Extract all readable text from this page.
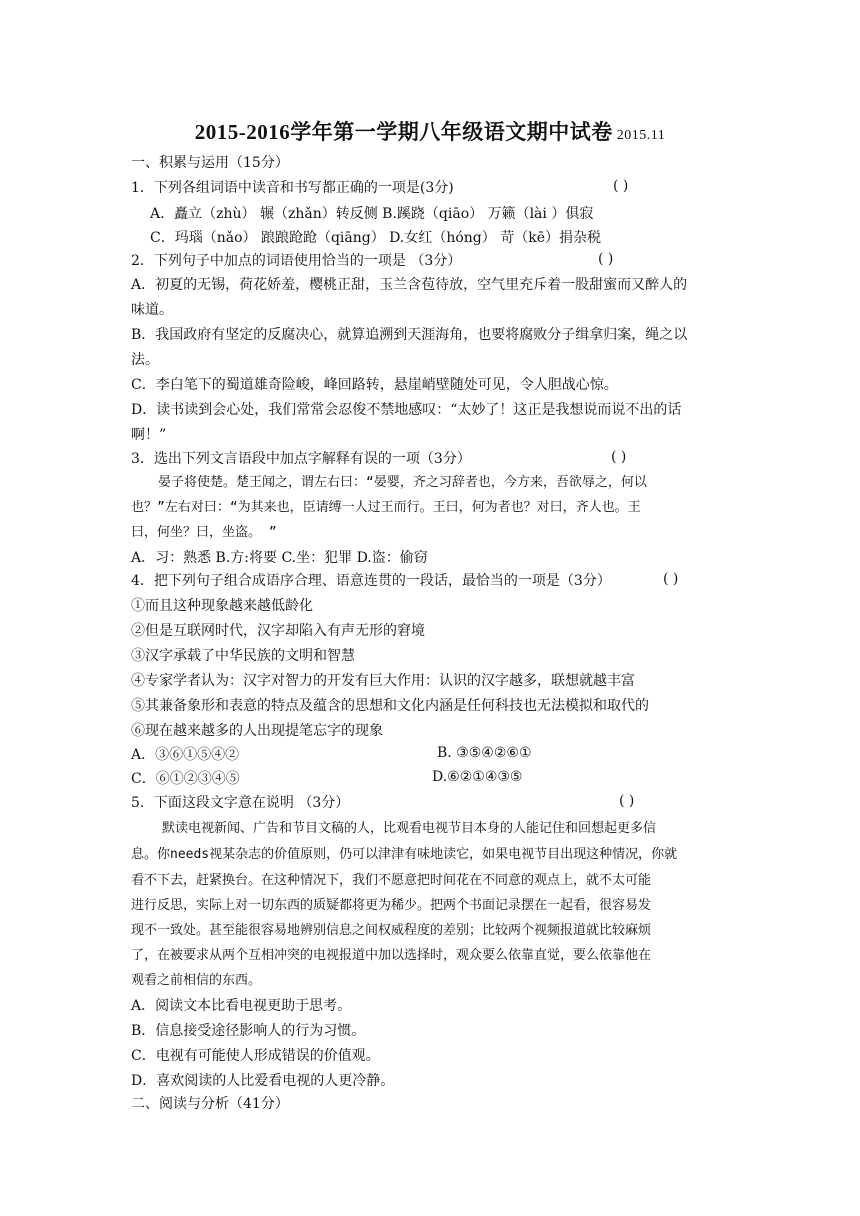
2015-2016学年第一学期八年级语文期中试卷 2015.11
一、积累与运用（15分）
1．下列各组词语中读音和书写都正确的一项是(3分)	( )
A．矗立（zhù） 辗（zhǎn）转反侧 B.蹊跷（qiāo） 万籁（lài ）俱寂
C．玛瑙（nǎo） 踉踉跄跄（qiāng） D.女红（hóng） 苛（kē）捐杂税
2．下列句子中加点的词语使用恰当的一项是 （3分）	( )
A．初夏的无锡，荷花娇羞，樱桃正甜，玉兰含苞待放，空气里充斥着一股甜蜜而又醉人的
味道。
B．我国政府有坚定的反腐决心，就算追溯到天涯海角，也要将腐败分子缉拿归案，绳之以
法。
C．李白笔下的蜀道雄奇险峻，峰回路转，悬崖峭壁随处可见，令人胆战心惊。
D．读书读到会心处，我们常常会忍俊不禁地感叹：“太妙了！这正是我想说而说不出的话
啊！”
3．选出下列文言语段中加点字解释有误的一项（3分）	( )
晏子将使楚。楚王闻之，谓左右曰：“晏婴，齐之习辞者也，今方来，吾欲辱之，何以
也？”左右对曰：“为其来也，臣请缚一人过王而行。王曰，何为者也？对曰，齐人也。王
曰，何坐？曰，坐盗。 ”
A．习：熟悉 B.方:将要 C.坐：犯罪 D.盗：偷窃
4．把下列句子组合成语序合理、语意连贯的一段话，最恰当的一项是（3分）	( )
①而且这种现象越来越低龄化
②但是互联网时代，汉字却陷入有声无形的窘境
③汉字承载了中华民族的文明和智慧
④专家学者认为：汉字对智力的开发有巨大作用：认识的汉字越多，联想就越丰富
⑤其兼备象形和表意的特点及蕴含的思想和文化内涵是任何科技也无法模拟和取代的
⑥现在越来越多的人出现提笔忘字的现象
A．③⑥①⑤④②	B. ③⑤④②⑥①
C．⑥①②③④⑤	D.⑥②①④③⑤
5．下面这段文字意在说明 （3分）	( )
默读电视新闻、广告和节目文稿的人，比观看电视节目本身的人能记住和回想起更多信
息。你needs视某杂志的价值原则，仍可以津津有味地读它，如果电视节目出现这种情况，你就
看不下去，赶紧换台。在这种情况下，我们不愿意把时间花在不同意的观点上，就不太可能
进行反思，实际上对一切东西的质疑都将更为稀少。把两个书面记录摆在一起看，很容易发
现不一致处。甚至能很容易地辨别信息之间权威程度的差别；比较两个视频报道就比较麻烦
了，在被要求从两个互相冲突的电视报道中加以选择时，观众要么依靠直觉，要么依靠他在
观看之前相信的东西。
A．阅读文本比看电视更助于思考。
B．信息接受途径影响人的行为习惯。
C．电视有可能使人形成错误的价值观。
D．喜欢阅读的人比爱看电视的人更冷静。
二、阅读与分析（41分）
